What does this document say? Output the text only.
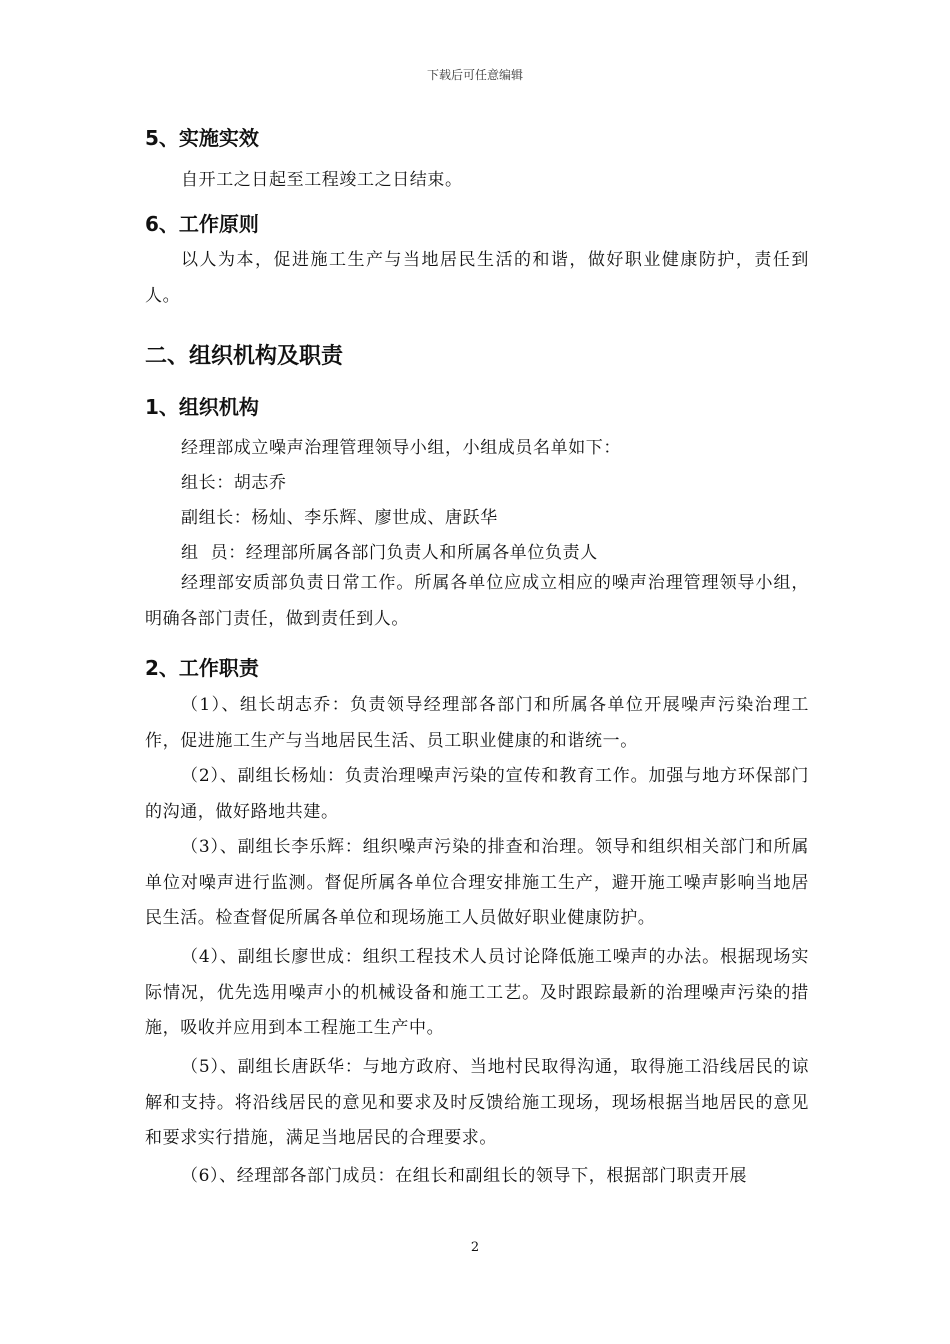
下载后可任意编辑
5、实施实效
自开工之日起至工程竣工之日结束。
6、工作原则
以人为本，促进施工生产与当地居民生活的和谐，做好职业健康防护，责任到人。
二、组织机构及职责
1、组织机构
经理部成立噪声治理管理领导小组，小组成员名单如下：
组长：胡志乔
副组长：杨灿、李乐辉、廖世成、唐跃华
组  员：经理部所属各部门负责人和所属各单位负责人
经理部安质部负责日常工作。所属各单位应成立相应的噪声治理管理领导小组，明确各部门责任，做到责任到人。
2、工作职责
（1）、组长胡志乔：负责领导经理部各部门和所属各单位开展噪声污染治理工作，促进施工生产与当地居民生活、员工职业健康的和谐统一。
（2）、副组长杨灿：负责治理噪声污染的宣传和教育工作。加强与地方环保部门的沟通，做好路地共建。
（3）、副组长李乐辉：组织噪声污染的排查和治理。领导和组织相关部门和所属单位对噪声进行监测。督促所属各单位合理安排施工生产，避开施工噪声影响当地居民生活。检查督促所属各单位和现场施工人员做好职业健康防护。
（4）、副组长廖世成：组织工程技术人员讨论降低施工噪声的办法。根据现场实际情况，优先选用噪声小的机械设备和施工工艺。及时跟踪最新的治理噪声污染的措施，吸收并应用到本工程施工生产中。
（5）、副组长唐跃华：与地方政府、当地村民取得沟通，取得施工沿线居民的谅解和支持。将沿线居民的意见和要求及时反馈给施工现场，现场根据当地居民的意见和要求实行措施，满足当地居民的合理要求。
（6）、经理部各部门成员：在组长和副组长的领导下，根据部门职责开展
2
